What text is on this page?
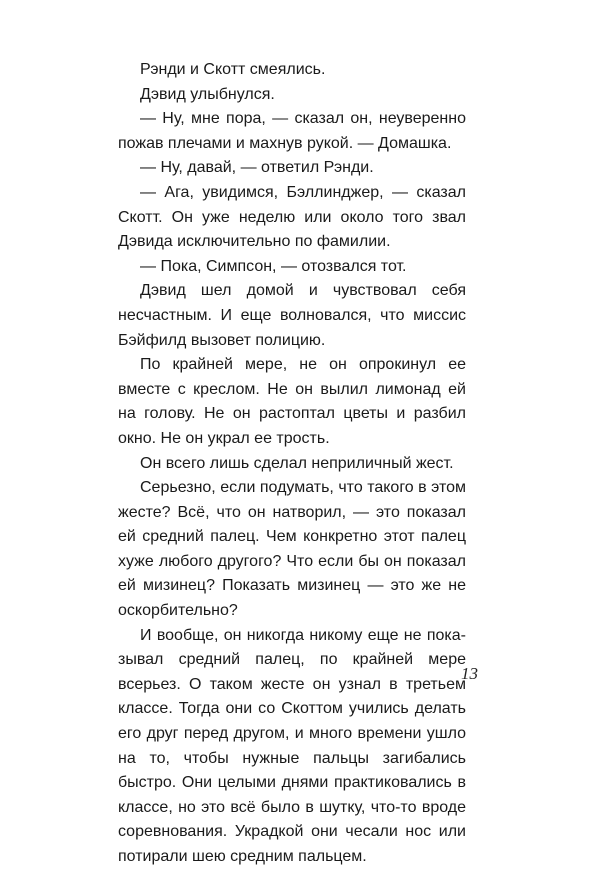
Рэнди и Скотт смеялись.

Дэвид улыбнулся.

— Ну, мне пора, — сказал он, неуверенно пожав плечами и махнув рукой. — Домашка.

— Ну, давай, — ответил Рэнди.

— Ага, увидимся, Бэллинджер, — сказал Скотт. Он уже неделю или около того звал Дэвида исключительно по фамилии.

— Пока, Симпсон, — отозвался тот.

Дэвид шел домой и чувствовал себя несчастным. И еще волновался, что миссис Бэйфилд вызовет полицию.

По крайней мере, не он опрокинул ее вместе с креслом. Не он вылил лимонад ей на голову. Не он растоптал цветы и разбил окно. Не он украл ее трость.

Он всего лишь сделал неприличный жест.

Серьезно, если подумать, что такого в этом жесте? Всё, что он натворил, — это показал ей средний палец. Чем конкретно этот палец хуже любого другого? Что если бы он показал ей мизинец? Показать мизинец — это же не оскорбительно?

И вообще, он никогда никому еще не показывал средний палец, по крайней мере всерьез. О таком жесте он узнал в третьем классе. Тогда они со Скоттом учились делать его друг перед другом, и много времени ушло на то, чтобы нужные пальцы загибались быстро. Они целыми днями практиковались в классе, но это всё было в шутку, что-то вроде соревнования. Украдкой они чесали нос или потирали шею средним пальцем.

13
